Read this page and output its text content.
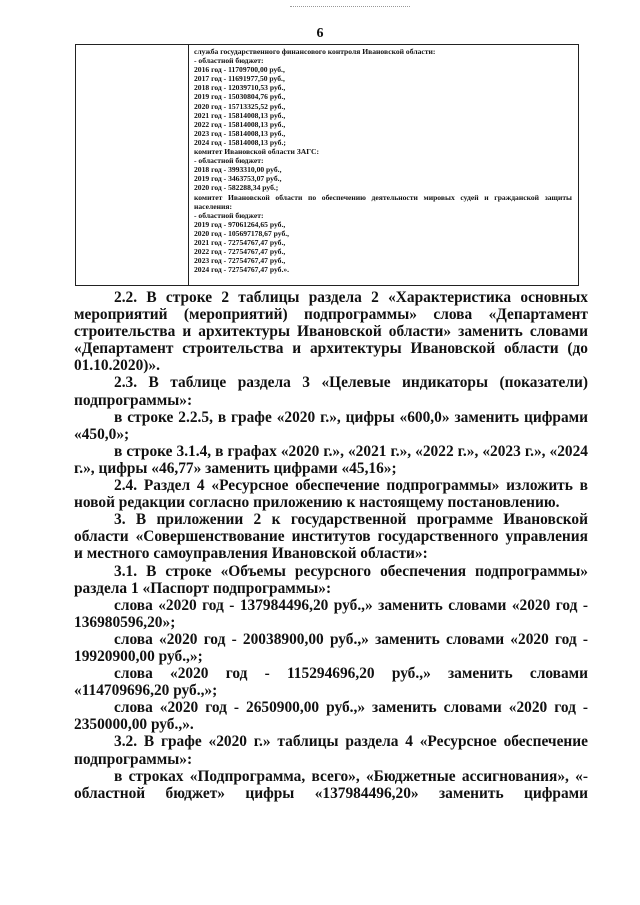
6
служба государственного финансового контроля Ивановской области:
- областной бюджет:
2016 год - 11709700,00 руб.,
2017 год - 11691977,50 руб.,
2018 год - 12039710,53 руб.,
2019 год - 15030804,76 руб.,
2020 год - 15713325,52 руб.,
2021 год - 15814008,13 руб.,
2022 год - 15814008,13 руб.,
2023 год - 15814008,13 руб.,
2024 год - 15814008,13 руб.;
комитет Ивановской области ЗАГС:
- областной бюджет:
2018 год - 3993310,00 руб.,
2019 год - 3463753,07 руб.,
2020 год - 582288,34 руб.;
комитет Ивановской области по обеспечению деятельности мировых судей и гражданской защиты населения:
- областной бюджет:
2019 год - 97061264,65 руб.,
2020 год - 105697178,67 руб.,
2021 год - 72754767,47 руб.,
2022 год - 72754767,47 руб.,
2023 год - 72754767,47 руб.,
2024 год - 72754767,47 руб.».

2.2. В строке 2 таблицы раздела 2 «Характеристика основных мероприятий (мероприятий) подпрограммы» слова «Департамент строительства и архитектуры Ивановской области» заменить словами «Департамент строительства и архитектуры Ивановской области (до 01.10.2020)».

2.3. В таблице раздела 3 «Целевые индикаторы (показатели) подпрограммы»:

в строке 2.2.5, в графе «2020 г.», цифры «600,0» заменить цифрами «450,0»;

в строке 3.1.4, в графах «2020 г.», «2021 г.», «2022 г.», «2023 г.», «2024 г.», цифры «46,77» заменить цифрами «45,16»;

2.4. Раздел 4 «Ресурсное обеспечение подпрограммы» изложить в новой редакции согласно приложению к настоящему постановлению.

3. В приложении 2 к государственной программе Ивановской области «Совершенствование институтов государственного управления и местного самоуправления Ивановской области»:

3.1. В строке «Объемы ресурсного обеспечения подпрограммы» раздела 1 «Паспорт подпрограммы»:

слова «2020 год - 137984496,20 руб.,» заменить словами «2020 год - 136980596,20»;

слова «2020 год - 20038900,00 руб.,» заменить словами «2020 год - 19920900,00 руб.,»;

слова «2020 год - 115294696,20 руб.,» заменить словами «114709696,20 руб.,»;

слова «2020 год - 2650900,00 руб.,» заменить словами «2020 год - 2350000,00 руб.,».

3.2. В графе «2020 г.» таблицы раздела 4 «Ресурсное обеспечение подпрограммы»:

в строках «Подпрограмма, всего», «Бюджетные ассигнования», «- областной бюджет» цифры «137984496,20» заменить цифрами
